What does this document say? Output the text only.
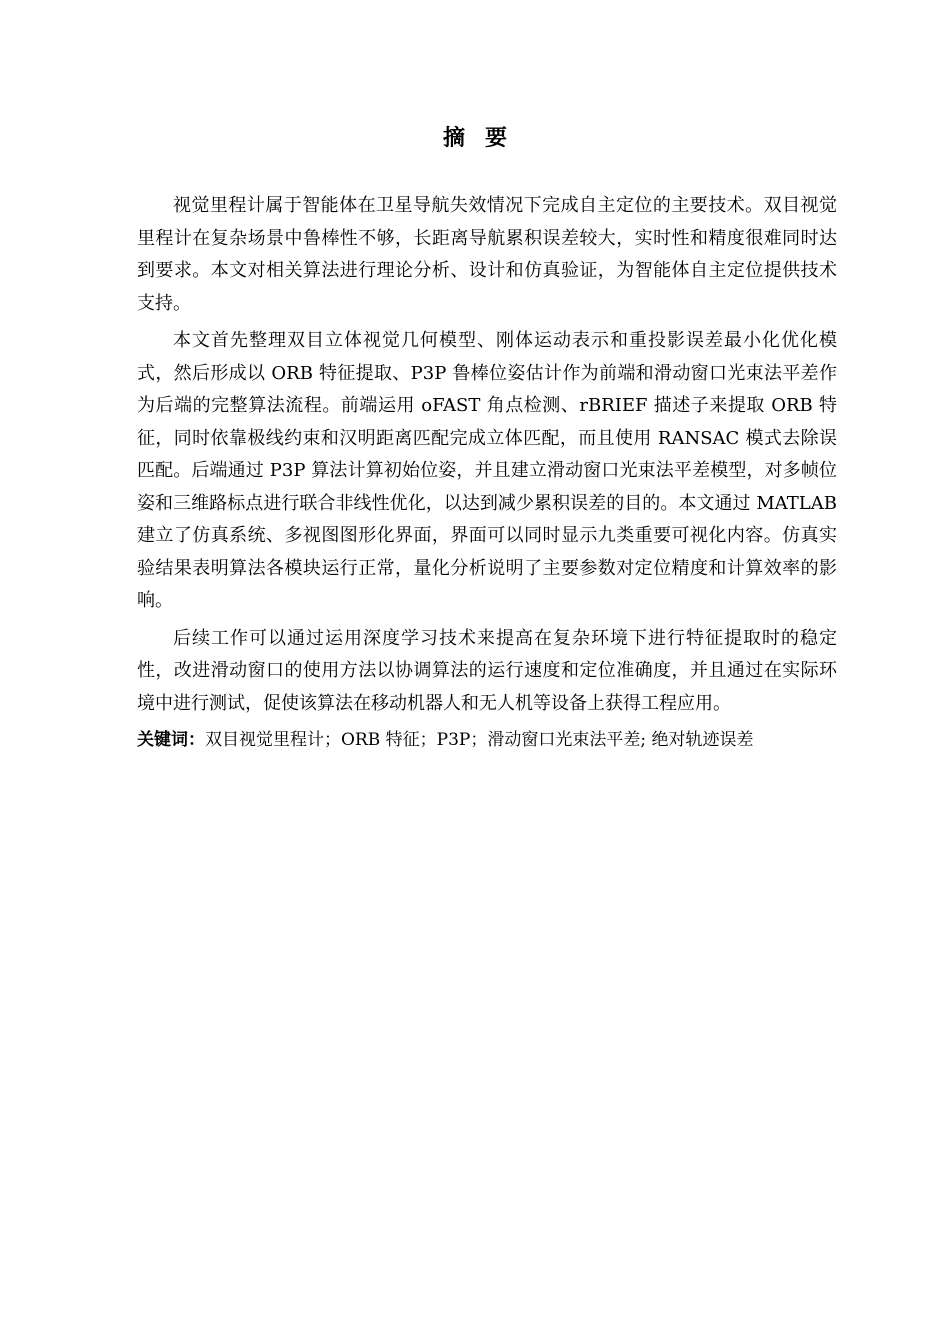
摘要

视觉里程计属于智能体在卫星导航失效情况下完成自主定位的主要技术。双目视觉里程计在复杂场景中鲁棒性不够，长距离导航累积误差较大，实时性和精度很难同时达到要求。本文对相关算法进行理论分析、设计和仿真验证，为智能体自主定位提供技术支持。

本文首先整理双目立体视觉几何模型、刚体运动表示和重投影误差最小化优化模式，然后形成以 ORB 特征提取、P3P 鲁棒位姿估计作为前端和滑动窗口光束法平差作为后端的完整算法流程。前端运用 oFAST 角点检测、rBRIEF 描述子来提取 ORB 特征，同时依靠极线约束和汉明距离匹配完成立体匹配，而且使用 RANSAC 模式去除误匹配。后端通过 P3P 算法计算初始位姿，并且建立滑动窗口光束法平差模型，对多帧位姿和三维路标点进行联合非线性优化，以达到减少累积误差的目的。本文通过 MATLAB 建立了仿真系统、多视图图形化界面，界面可以同时显示九类重要可视化内容。仿真实验结果表明算法各模块运行正常，量化分析说明了主要参数对定位精度和计算效率的影响。

后续工作可以通过运用深度学习技术来提高在复杂环境下进行特征提取时的稳定性，改进滑动窗口的使用方法以协调算法的运行速度和定位准确度，并且通过在实际环境中进行测试，促使该算法在移动机器人和无人机等设备上获得工程应用。

关键词：双目视觉里程计；ORB 特征；P3P；滑动窗口光束法平差; 绝对轨迹误差
